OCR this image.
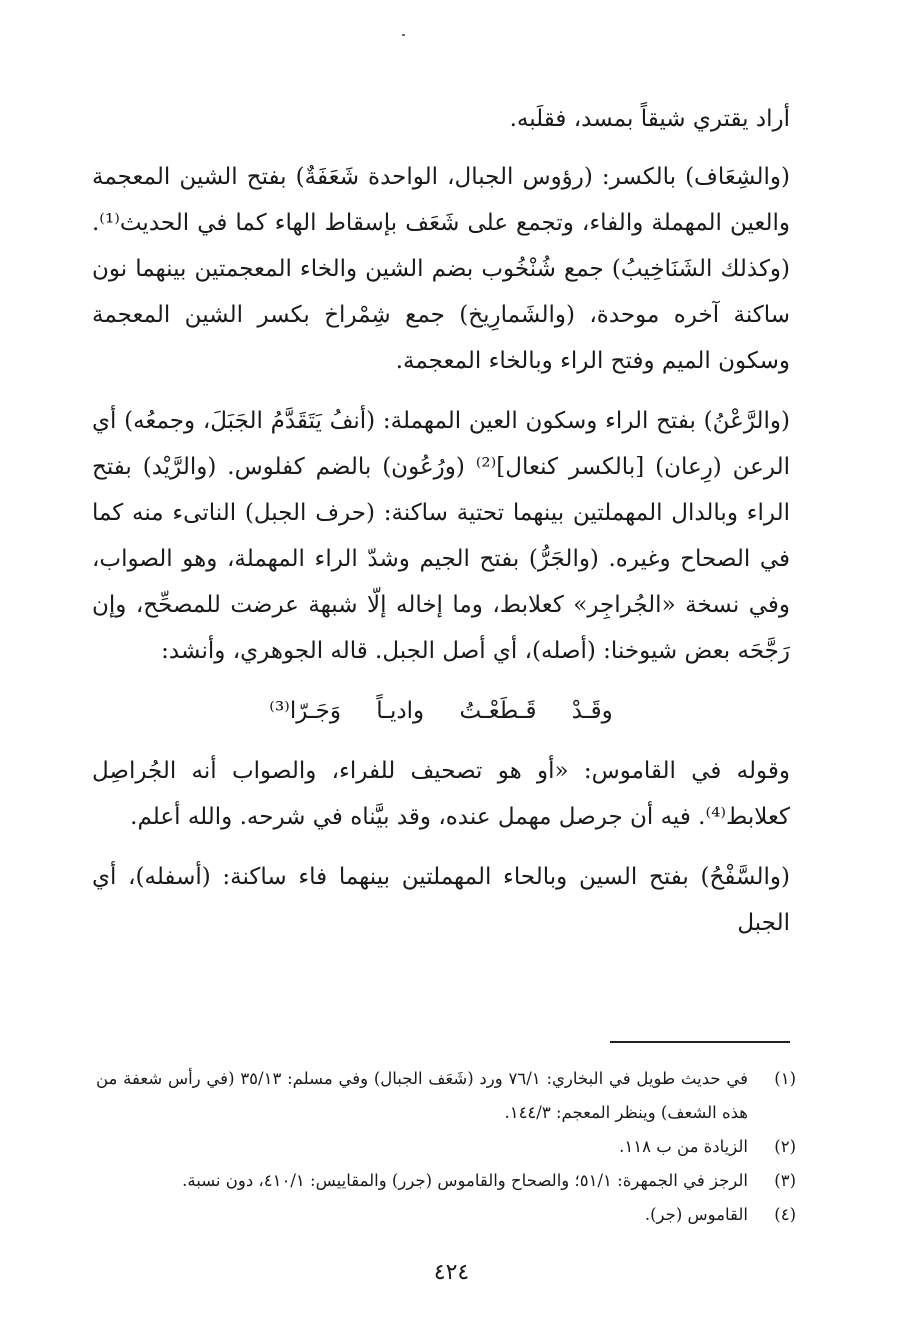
أراد يقتري شيقاً بمسد، فقلَبه.

(والشِعَاف) بالكسر: (رؤوس الجبال، الواحدة شَعَفَةٌ) بفتح الشين المعجمة والعين المهملة والفاء، وتجمع على شَعَف بإسقاط الهاء كما في الحديث⁽¹⁾. (وكذلك الشَنَاخِيبُ) جمع شُنْخُوب بضم الشين والخاء المعجمتين بينهما نون ساكنة آخره موحدة، (والشَمارِيخ) جمع شِمْراخ بكسر الشين المعجمة وسكون الميم وفتح الراء وبالخاء المعجمة.

(والرَّعْنُ) بفتح الراء وسكون العين المهملة: (أنفُ يَتَقَدَّمُ الجَبَلَ، وجمعُه) أي الرعن (رِعان) [بالكسر كنعال]⁽²⁾ (ورُعُون) بالضم كفلوس. (والرَّيْد) بفتح الراء وبالدال المهملتين بينهما تحتية ساكنة: (حرف الجبل) الناتىء منه كما في الصحاح وغيره. (والجَرُّ) بفتح الجيم وشدّ الراء المهملة، وهو الصواب، وفي نسخة «الجُراجِر» كعلابط، وما إخاله إلّا شبهة عرضت للمصحِّح، وإن رَجَّحَه بعض شيوخنا: (أصله)، أي أصل الجبل. قاله الجوهري، وأنشد:

وقَـدْ قَـطَعْـتُ واديـاً وَجَـرّا⁽³⁾

وقوله في القاموس: «أو هو تصحيف للفراء، والصواب أنه الجُراصِل كعلابط⁽⁴⁾. فيه أن جرصل مهمل عنده، وقد بيَّناه في شرحه. والله أعلم.

(والسَّفْحُ) بفتح السين وبالحاء المهملتين بينهما فاء ساكنة: (أسفله)، أي الجبل

(١)
في حديث طويل في البخاري: ٧٦/١ ورد (شَعَف الجبال) وفي مسلم: ٣٥/١٣ (في رأس شعفة من هذه الشعف) وينظر المعجم: ١٤٤/٣.
(٢)
الزيادة من ب ١١٨.
(٣)
الرجز في الجمهرة: ٥١/١؛ والصحاح والقاموس (جرر) والمقاييس: ٤١٠/١، دون نسبة.
(٤)
القاموس (جر).
٤٢٤
